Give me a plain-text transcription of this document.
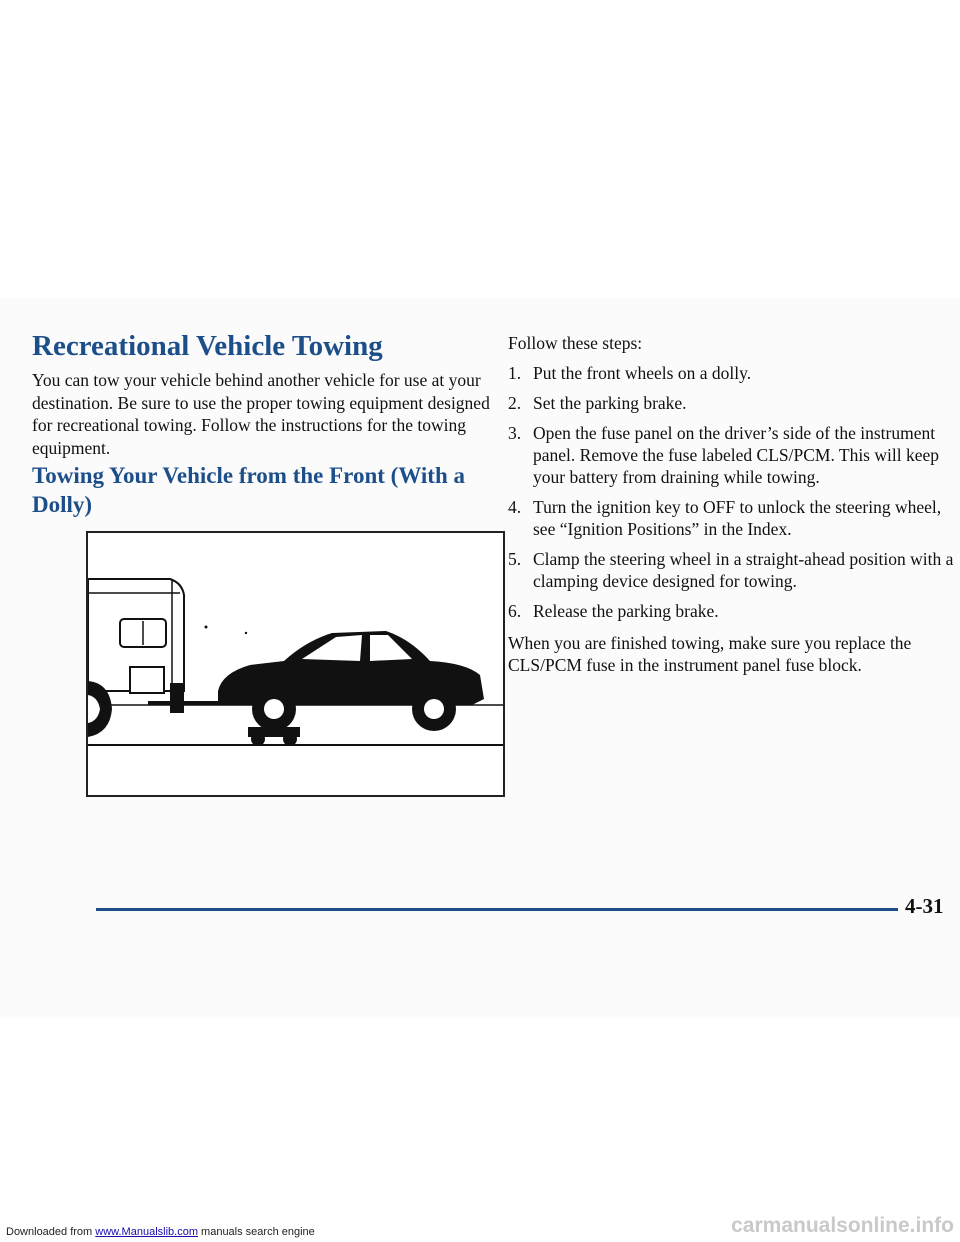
Recreational Vehicle Towing

You can tow your vehicle behind another vehicle for use at your destination. Be sure to use the proper towing equipment designed for recreational towing. Follow the instructions for the towing equipment.

Towing Your Vehicle from the Front (With a Dolly)

Follow these steps:

1. Put the front wheels on a dolly.
2. Set the parking brake.
3. Open the fuse panel on the driver’s side of the instrument panel. Remove the fuse labeled CLS/PCM. This will keep your battery from draining while towing.
4. Turn the ignition key to OFF to unlock the steering wheel, see “Ignition Positions” in the Index.
5. Clamp the steering wheel in a straight-ahead position with a clamping device designed for towing.
6. Release the parking brake.

When you are finished towing, make sure you replace the CLS/PCM fuse in the instrument panel fuse block.

4-31
Downloaded from www.Manualslib.com manuals search engine	carmanualsonline.info
